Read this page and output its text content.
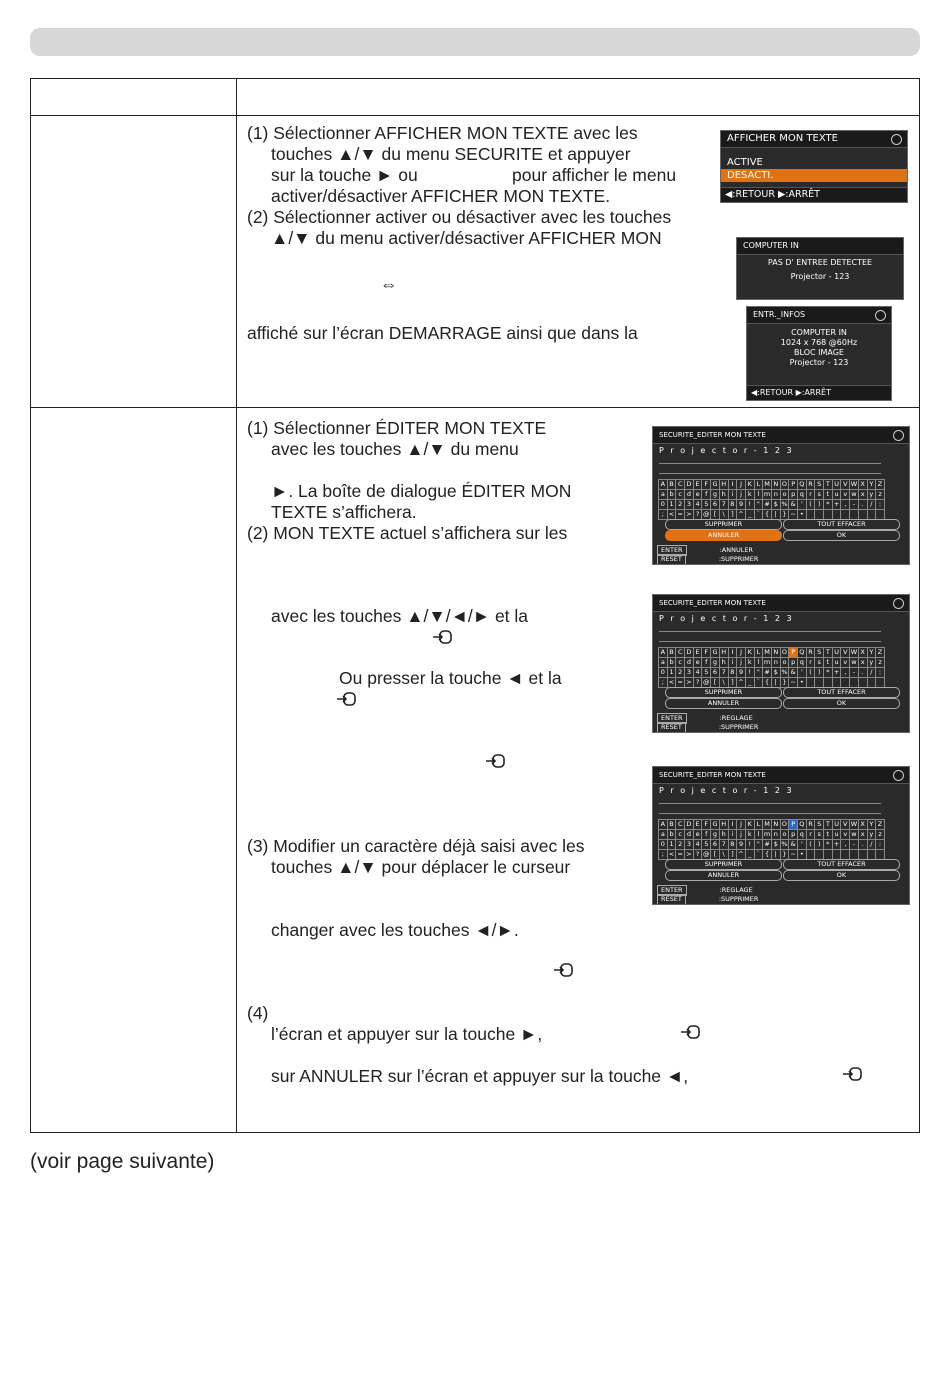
(1) Sélectionner AFFICHER MON TEXTE avec les
touches ▲/▼ du menu SECURITE et appuyer
sur la touche ► ou	pour afficher le menu
activer/désactiver AFFICHER MON TEXTE.
(2) Sélectionner activer ou désactiver avec les touches
▲/▼ du menu activer/désactiver AFFICHER MON
⇔
affiché sur l’écran DEMARRAGE ainsi que dans la
AFFICHER MON TEXTE
ACTIVE
DESACTI.
◀:RETOUR ▶:ARRÊT
COMPUTER IN
PAS D' ENTREE DETECTEE
Projector - 123
ENTR._INFOS
COMPUTER IN
1024 x 768 @60Hz
BLOC IMAGE
Projector - 123
◀:RETOUR ▶:ARRÊT
(1) Sélectionner ÉDITER MON TEXTE
avec les touches ▲/▼ du menu
►. La boîte de dialogue ÉDITER MON
TEXTE s’affichera.
(2) MON TEXTE actuel s’affichera sur les
avec les touches ▲/▼/◄/► et la
Ou presser la touche ◄ et la
(3) Modifier un caractère déjà saisi avec les
touches ▲/▼ pour déplacer le curseur
changer avec les touches ◄/►.
(4)
l’écran et appuyer sur la touche ►,
sur ANNULER sur l’écran et appuyer sur la touche ◄,
SECURITE_EDITER MON TEXTE
P r o j e c t o r - 1 2 3
A B C D E F G H I	J K L M N O P Q R S T U V W X Y Z
a b c d e f g h i	j k l m n o p q r s t u v w x y z
0 1 2 3 4 5 6 7 8 9 ! " # $ % & '	( ) * + , - .	/ :
; < = > ? @ [ \ ] ^ _ ` { | } ~ •
SUPPRIMER	TOUT EFFACER
ANNULER	OK
ENTER	:ANNULER
RESET	:SUPPRIMER
SECURITE_EDITER MON TEXTE
P r o j e c t o r - 1 2 3
A B C D E F G H I	J K L M N O P Q R S T U V W X Y Z
a b c d e f g h i	j k l m n o p q r s t u v w x y z
0 1 2 3 4 5 6 7 8 9 ! " # $ % & '	( ) * + , - .	/ :
; < = > ? @ [ \ ] ^ _ ` { | } ~ •
SUPPRIMER	TOUT EFFACER
ANNULER	OK
ENTER	:REGLAGE
RESET	:SUPPRIMER
SECURITE_EDITER MON TEXTE
P r o j e c t o r - 1 2 3
A B C D E F G H I	J K L M N O P Q R S T U V W X Y Z
a b c d e f g h i	j k l m n o p q r s t u v w x y z
0 1 2 3 4 5 6 7 8 9 ! " # $ % & '	( ) * + , - .	/ :
; < = > ? @ [ \ ] ^ _ ` { | } ~ •
SUPPRIMER	TOUT EFFACER
ANNULER	OK
ENTER	:REGLAGE
RESET	:SUPPRIMER
(voir page suivante)
